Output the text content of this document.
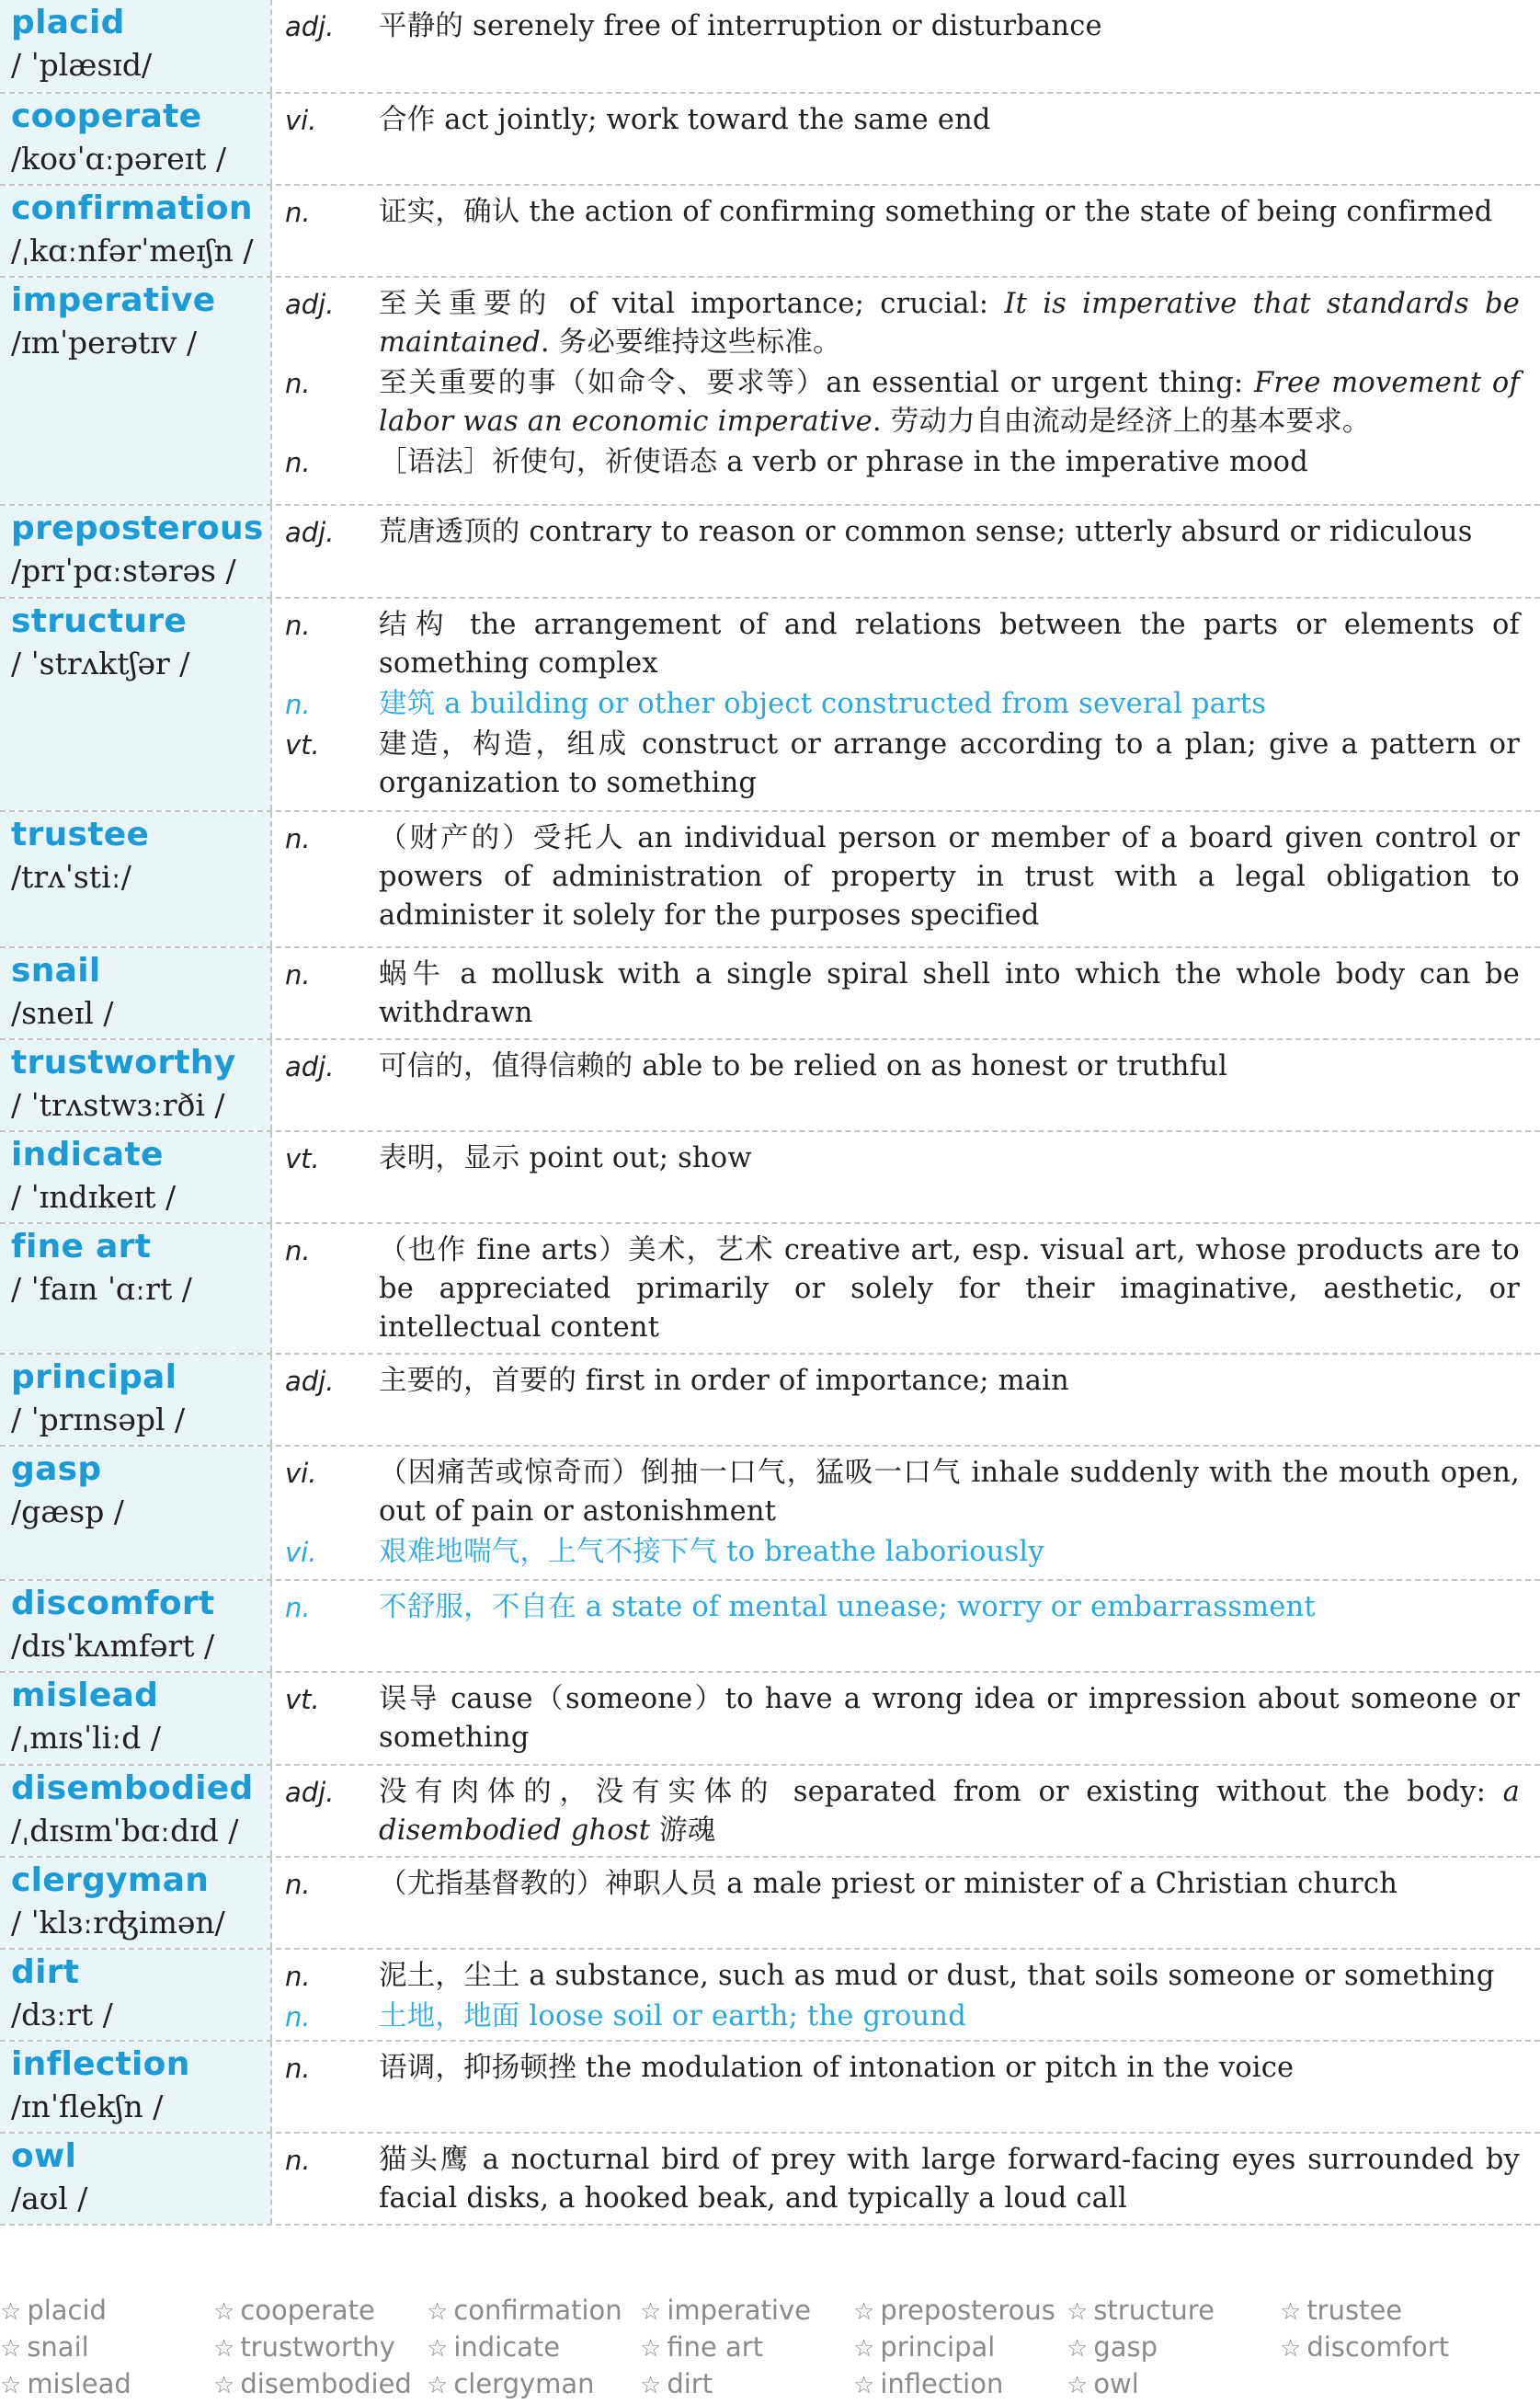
placid
/ ˈplæsɪd/
adj.	平静的 serenely free of interruption or disturbance
cooperate
/koʊˈɑːpəreɪt /
vi.	合作 act jointly; work toward the same end
confirmation
/ˌkɑːnfərˈmeɪʃn /
n.	证实，确认 the action of confirming something or the state of being confirmed
imperative
/ɪmˈperətɪv /
adj.	至关重要的 of vital importance; crucial: It is imperative that standards be maintained. 务必要维持这些标准。
n.	至关重要的事（如命令、要求等）an essential or urgent thing: Free movement of labor was an economic imperative. 劳动力自由流动是经济上的基本要求。
n.	［语法］祈使句，祈使语态 a verb or phrase in the imperative mood
preposterous
/prɪˈpɑːstərəs /
adj.	荒唐透顶的 contrary to reason or common sense; utterly absurd or ridiculous
structure
/ ˈstrʌktʃər /
n.	结构 the arrangement of and relations between the parts or elements of something complex
n.	建筑 a building or other object constructed from several parts
vt.	建造，构造，组成 construct or arrange according to a plan; give a pattern or organization to something
trustee
/trʌˈstiː/
n.	（财产的）受托人 an individual person or member of a board given control or powers of administration of property in trust with a legal obligation to administer it solely for the purposes specified
snail
/sneɪl /
n.	蜗牛 a mollusk with a single spiral shell into which the whole body can be withdrawn
trustworthy
/ ˈtrʌstwɜːrði /
adj.	可信的，值得信赖的 able to be relied on as honest or truthful
indicate
/ ˈɪndɪkeɪt /
vt.	表明，显示 point out; show
fine art
/ ˈfaɪn ˈɑːrt /
n.	（也作 fine arts）美术，艺术 creative art, esp. visual art, whose products are to be appreciated primarily or solely for their imaginative, aesthetic, or intellectual content
principal
/ ˈprɪnsəpl /
adj.	主要的，首要的 first in order of importance; main
gasp
/gæsp /
vi.	（因痛苦或惊奇而）倒抽一口气，猛吸一口气 inhale suddenly with the mouth open, out of pain or astonishment
vi.	艰难地喘气，上气不接下气 to breathe laboriously
discomfort
/dɪsˈkʌmfərt /
n.	不舒服，不自在 a state of mental unease; worry or embarrassment
mislead
/ˌmɪsˈliːd /
vt.	误导 cause（someone）to have a wrong idea or impression about someone or something
disembodied
/ˌdɪsɪmˈbɑːdɪd /
adj.	没有肉体的，没有实体的 separated from or existing without the body: a disembodied ghost 游魂
clergyman
/ ˈklɜːrʤimən/
n.	（尤指基督教的）神职人员 a male priest or minister of a Christian church
dirt
/dɜːrt /
n.	泥土，尘土 a substance, such as mud or dust, that soils someone or something
n.	土地，地面 loose soil or earth; the ground
inflection
/ɪnˈflekʃn /
n.	语调，抑扬顿挫 the modulation of intonation or pitch in the voice
owl
/aʊl /
n.	猫头鹰 a nocturnal bird of prey with large forward-facing eyes surrounded by facial disks, a hooked beak, and typically a loud call
☆ placid	☆ cooperate	☆ confirmation ☆ imperative	☆ preposterous ☆ structure	☆ trustee
☆ snail	☆ trustworthy	☆ indicate	☆ fine art	☆ principal	☆ gasp	☆ discomfort
☆ mislead	☆ disembodied ☆ clergyman	☆ dirt	☆ inflection	☆ owl
